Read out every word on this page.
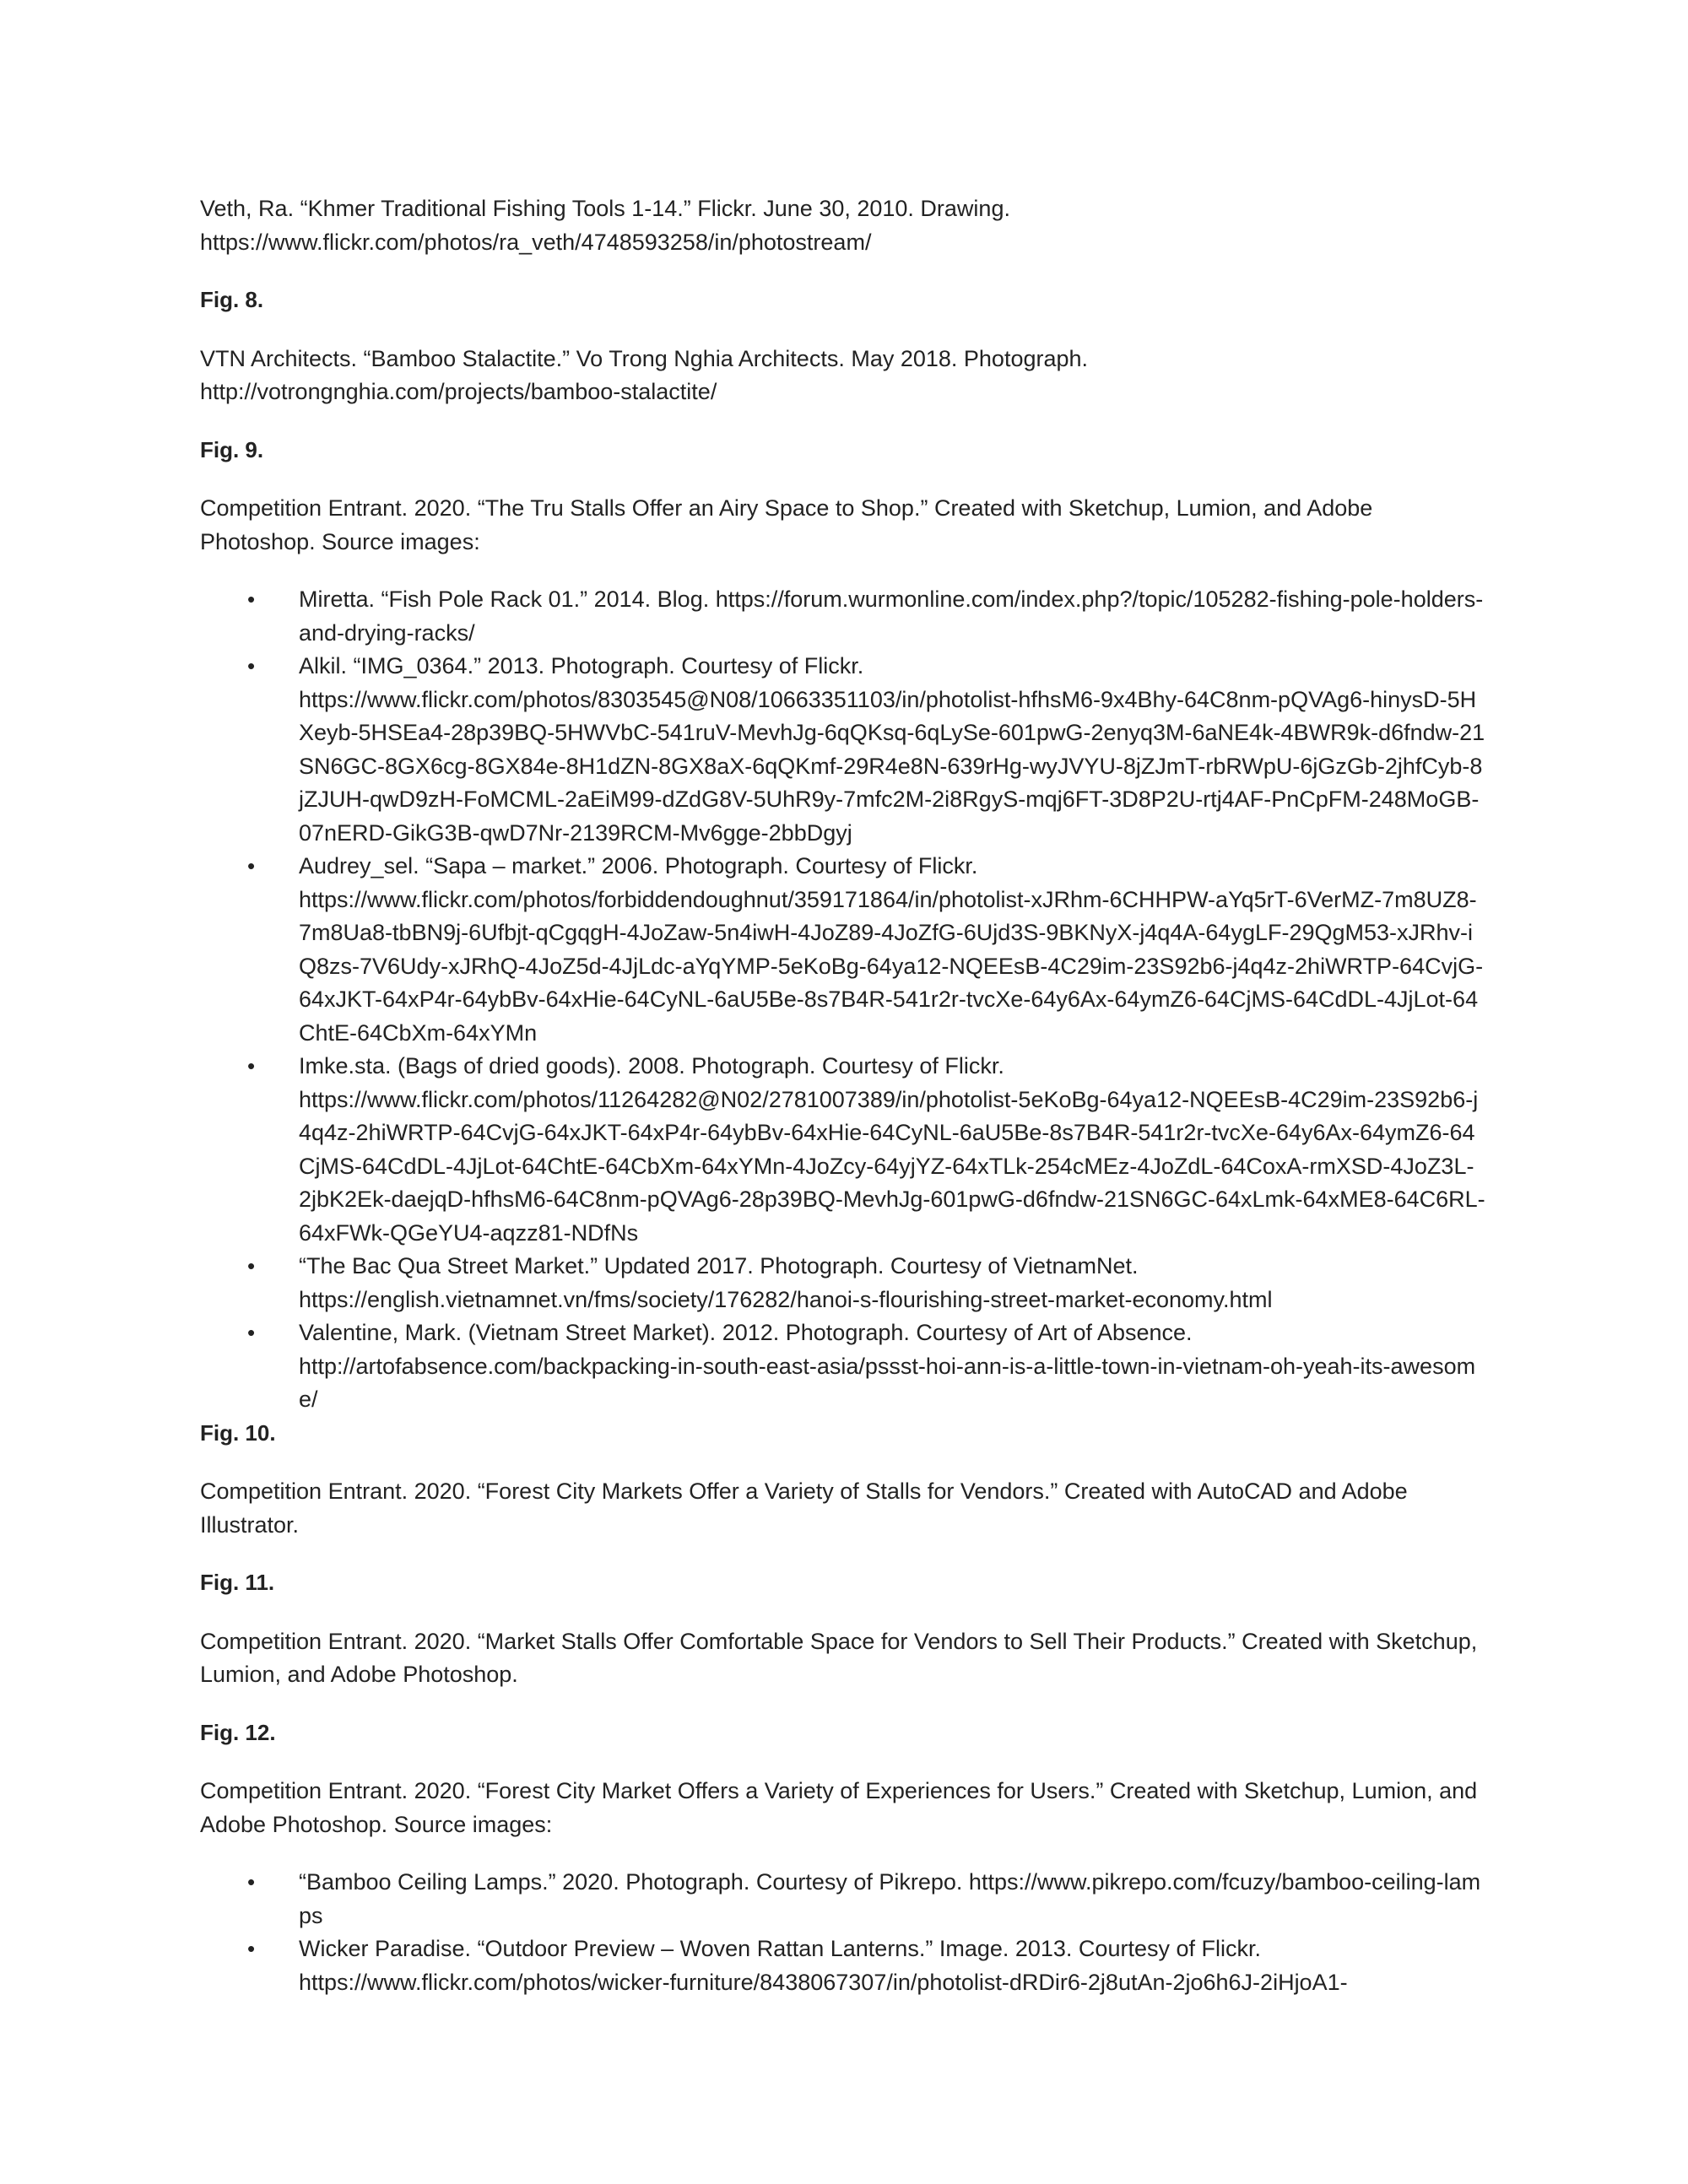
Veth, Ra. “Khmer Traditional Fishing Tools 1-14.” Flickr. June 30, 2010. Drawing.

https://www.flickr.com/photos/ra_veth/4748593258/in/photostream/

Fig. 8.

VTN Architects. “Bamboo Stalactite.” Vo Trong Nghia Architects. May 2018. Photograph.

http://votrongnghia.com/projects/bamboo-stalactite/

Fig. 9.

Competition Entrant. 2020. “The Tru Stalls Offer an Airy Space to Shop.” Created with Sketchup, Lumion, and Adobe Photoshop. Source images:

• Miretta. “Fish Pole Rack 01.” 2014. Blog. https://forum.wurmonline.com/index.php?/topic/105282-fishing-pole-holders-and-drying-racks/
• Alkil. “IMG_0364.” 2013. Photograph. Courtesy of Flickr.
https://www.flickr.com/photos/8303545@N08/10663351103/in/photolist-hfhsM6-9x4Bhy-64C8nm-pQVAg6-hinysD-5HXeyb-5HSEa4-28p39BQ-5HWVbC-541ruV-MevhJg-6qQKsq-6qLySe-601pwG-2enyq3M-6aNE4k-4BWR9k-d6fndw-21SN6GC-8GX6cg-8GX84e-8H1dZN-8GX8aX-6qQKmf-29R4e8N-639rHg-wyJVYU-8jZJmT-rbRWpU-6jGzGb-2jhfCyb-8jZJUH-qwD9zH-FoMCML-2aEiM99-dZdG8V-5UhR9y-7mfc2M-2i8RgyS-mqj6FT-3D8P2U-rtj4AF-PnCpFM-248MoGB-07nERD-GikG3B-qwD7Nr-2139RCM-Mv6gge-2bbDgyj
• Audrey_sel. “Sapa – market.” 2006. Photograph. Courtesy of Flickr.
https://www.flickr.com/photos/forbiddendoughnut/359171864/in/photolist-xJRhm-6CHHPW-aYq5rT-6VerMZ-7m8UZ8-7m8Ua8-tbBN9j-6Ufbjt-qCgqgH-4JoZaw-5n4iwH-4JoZ89-4JoZfG-6Ujd3S-9BKNyX-j4q4A-64ygLF-29QgM53-xJRhv-iQ8zs-7V6Udy-xJRhQ-4JoZ5d-4JjLdc-aYqYMP-5eKoBg-64ya12-NQEEsB-4C29im-23S92b6-j4q4z-2hiWRTP-64CvjG-64xJKT-64xP4r-64ybBv-64xHie-64CyNL-6aU5Be-8s7B4R-541r2r-tvcXe-64y6Ax-64ymZ6-64CjMS-64CdDL-4JjLot-64ChtE-64CbXm-64xYMn
• Imke.sta. (Bags of dried goods). 2008. Photograph. Courtesy of Flickr.
https://www.flickr.com/photos/11264282@N02/2781007389/in/photolist-5eKoBg-64ya12-NQEEsB-4C29im-23S92b6-j4q4z-2hiWRTP-64CvjG-64xJKT-64xP4r-64ybBv-64xHie-64CyNL-6aU5Be-8s7B4R-541r2r-tvcXe-64y6Ax-64ymZ6-64CjMS-64CdDL-4JjLot-64ChtE-64CbXm-64xYMn-4JoZcy-64yjYZ-64xTLk-254cMEz-4JoZdL-64CoxA-rmXSD-4JoZ3L-2jbK2Ek-daejqD-hfhsM6-64C8nm-pQVAg6-28p39BQ-MevhJg-601pwG-d6fndw-21SN6GC-64xLmk-64xME8-64C6RL-64xFWk-QGeYU4-aqzz81-NDfNs
• “The Bac Qua Street Market.” Updated 2017. Photograph. Courtesy of VietnamNet.
https://english.vietnamnet.vn/fms/society/176282/hanoi-s-flourishing-street-market-economy.html
• Valentine, Mark. (Vietnam Street Market). 2012. Photograph. Courtesy of Art of Absence.
http://artofabsence.com/backpacking-in-south-east-asia/pssst-hoi-ann-is-a-little-town-in-vietnam-oh-yeah-its-awesome/

Fig. 10.

Competition Entrant. 2020. “Forest City Markets Offer a Variety of Stalls for Vendors.” Created with AutoCAD and Adobe Illustrator.

Fig. 11.

Competition Entrant. 2020. “Market Stalls Offer Comfortable Space for Vendors to Sell Their Products.” Created with Sketchup, Lumion, and Adobe Photoshop.

Fig. 12.

Competition Entrant. 2020. “Forest City Market Offers a Variety of Experiences for Users.” Created with Sketchup, Lumion, and Adobe Photoshop. Source images:

• “Bamboo Ceiling Lamps.” 2020. Photograph. Courtesy of Pikrepo. https://www.pikrepo.com/fcuzy/bamboo-ceiling-lamps
• Wicker Paradise. “Outdoor Preview – Woven Rattan Lanterns.” Image. 2013. Courtesy of Flickr.
https://www.flickr.com/photos/wicker-furniture/8438067307/in/photolist-dRDir6-2j8utAn-2jo6h6J-2iHjoA1-
